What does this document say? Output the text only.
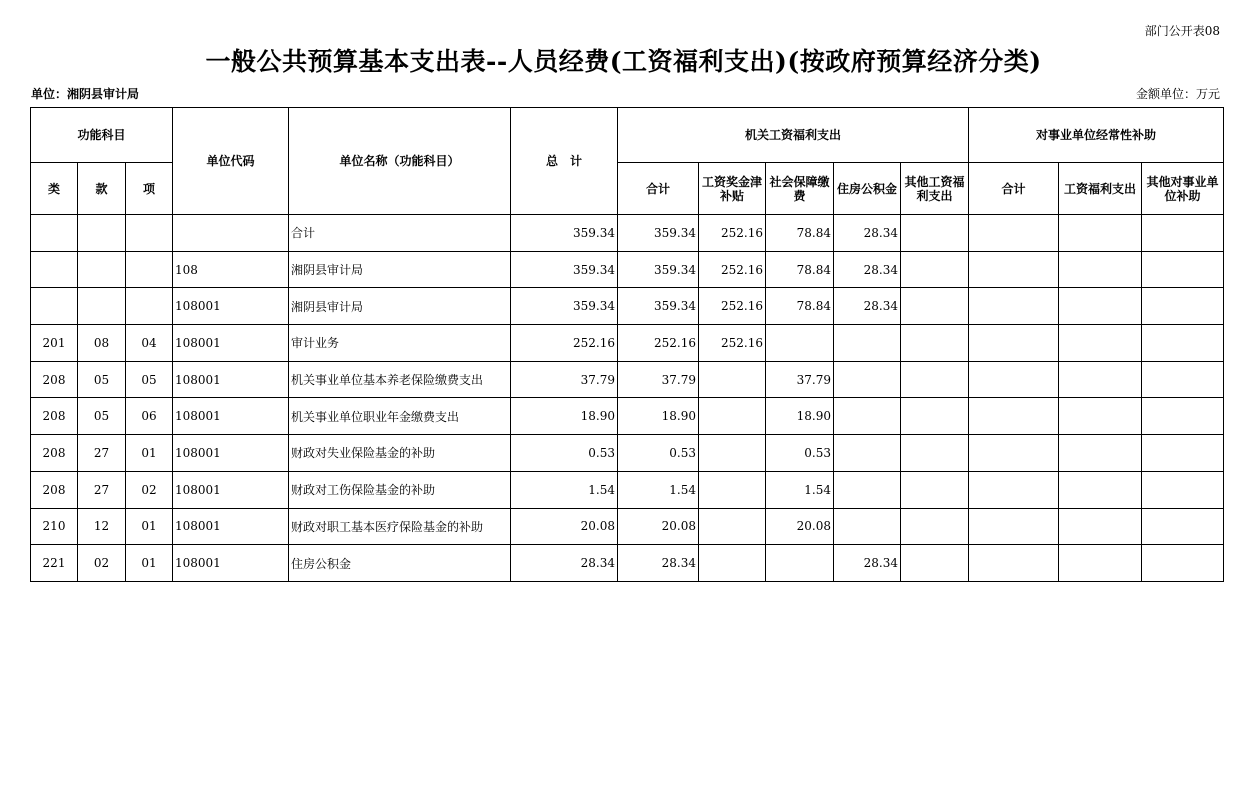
部门公开表08
一般公共预算基本支出表--人员经费(工资福利支出)(按政府预算经济分类)
单位：湘阴县审计局	金额单位：万元
功能科目			单位代码	单位名称（功能科目）	总　计	机关工资福利支出					对事业单位经常性补助		
类	款	项				合计	工资奖金津补贴	社会保障缴费	住房公积金	其他工资福利支出	合计	工资福利支出	其他对事业单位补助
				合计	359.34	359.34	252.16	78.84	28.34				
			108	湘阴县审计局	359.34	359.34	252.16	78.84	28.34				
			108001	湘阴县审计局	359.34	359.34	252.16	78.84	28.34				
201	08	04	108001	审计业务	252.16	252.16	252.16						
208	05	05	108001	机关事业单位基本养老保险缴费支出	37.79	37.79		37.79					
208	05	06	108001	机关事业单位职业年金缴费支出	18.90	18.90		18.90					
208	27	01	108001	财政对失业保险基金的补助	0.53	0.53		0.53					
208	27	02	108001	财政对工伤保险基金的补助	1.54	1.54		1.54					
210	12	01	108001	财政对职工基本医疗保险基金的补助	20.08	20.08		20.08					
221	02	01	108001	住房公积金	28.34	28.34			28.34				
